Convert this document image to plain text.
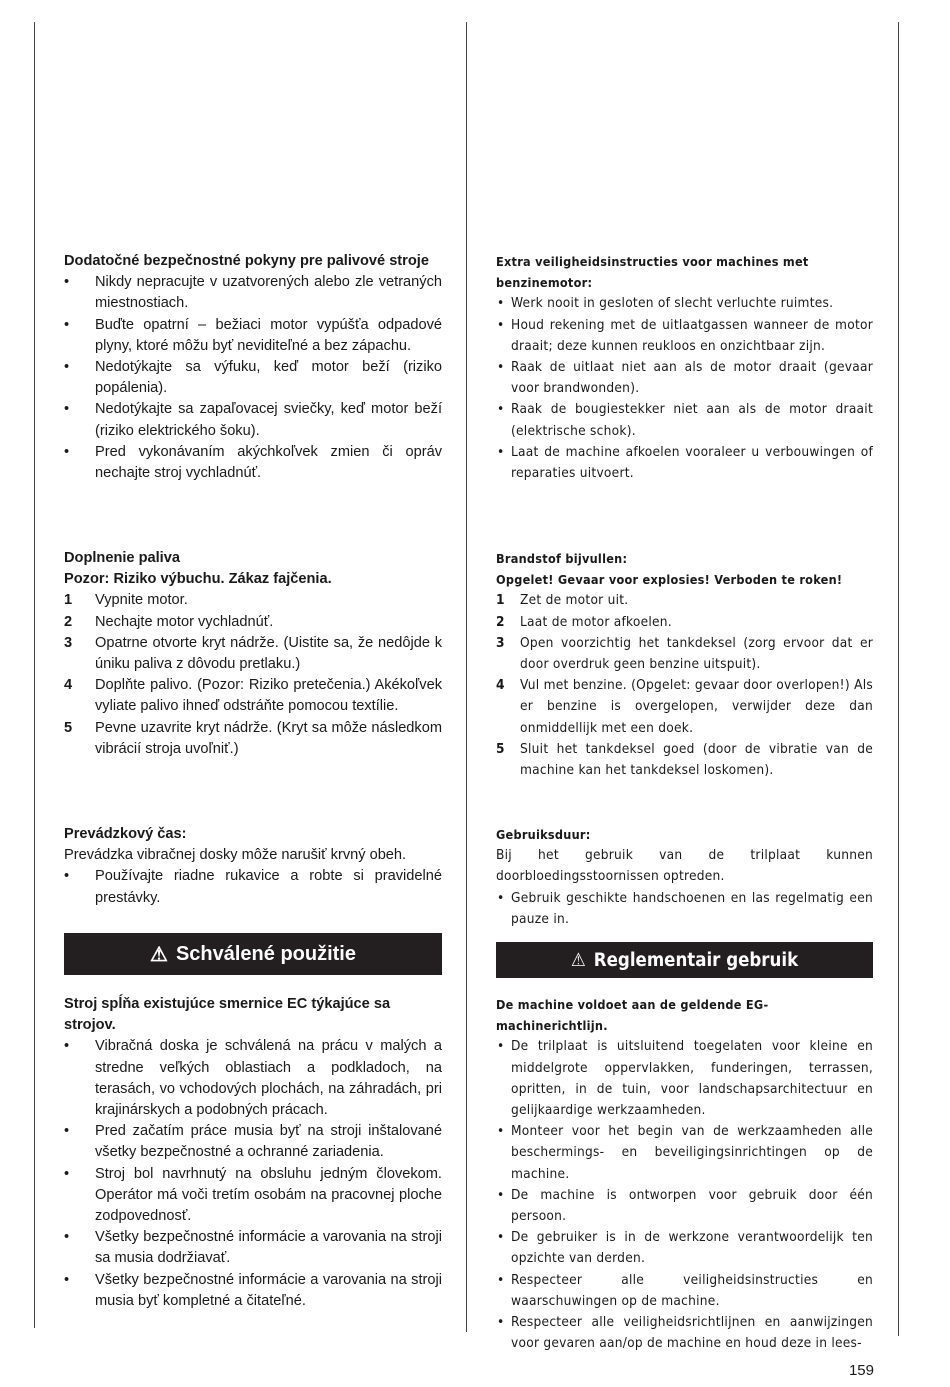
Dodatočné bezpečnostné pokyny pre palivové stroje

• Nikdy nepracujte v uzatvorených alebo zle vetraných miestnostiach.
• Buďte opatrní – bežiaci motor vypúšťa odpadové plyny, ktoré môžu byť neviditeľné a bez zápachu.
• Nedotýkajte sa výfuku, keď motor beží (riziko popálenia).
• Nedotýkajte sa zapaľovacej sviečky, keď motor beží (riziko elektrického šoku).
• Pred vykonávaním akýchkoľvek zmien či opráv nechajte stroj vychladnúť.

Doplnenie paliva

Pozor: Riziko výbuchu. Zákaz fajčenia.

1 Vypnite motor.
2 Nechajte motor vychladnúť.
3 Opatrne otvorte kryt nádrže. (Uistite sa, že nedôjde k úniku paliva z dôvodu pretlaku.)
4 Doplňte palivo. (Pozor: Riziko pretečenia.) Akékoľvek vyliate palivo ihneď odstráňte pomocou textílie.
5 Pevne uzavrite kryt nádrže. (Kryt sa môže následkom vibrácií stroja uvoľniť.)

Prevádzkový čas:

Prevádzka vibračnej dosky môže narušiť krvný obeh.

• Používajte riadne rukavice a robte si pravidelné prestávky.
⚠ Schválené použitie

Stroj spĺňa existujúce smernice EC týkajúce sa strojov.

• Vibračná doska je schválená na prácu v malých a stredne veľkých oblastiach a podkladoch, na terasách, vo vchodových plochách, na záhradách, pri krajinárskych a podobných prácach.
• Pred začatím práce musia byť na stroji inštalované všetky bezpečnostné a ochranné zariadenia.
• Stroj bol navrhnutý na obsluhu jedným človekom. Operátor má voči tretím osobám na pracovnej ploche zodpovednosť.
• Všetky bezpečnostné informácie a varovania na stroji sa musia dodržiavať.
• Všetky bezpečnostné informácie a varovania na stroji musia byť kompletné a čitateľné.

Extra veiligheidsinstructies voor machines met benzinemotor:

• Werk nooit in gesloten of slecht verluchte ruimtes.
• Houd rekening met de uitlaatgassen wanneer de motor draait; deze kunnen reukloos en onzichtbaar zijn.
• Raak de uitlaat niet aan als de motor draait (gevaar voor brandwonden).
• Raak de bougiestekker niet aan als de motor draait (elektrische schok).
• Laat de machine afkoelen vooraleer u verbouwingen of reparaties uitvoert.

Brandstof bijvullen:

Opgelet! Gevaar voor explosies! Verboden te roken!

1 Zet de motor uit.
2 Laat de motor afkoelen.
3 Open voorzichtig het tankdeksel (zorg ervoor dat er door overdruk geen benzine uitspuit).
4 Vul met benzine. (Opgelet: gevaar door overlopen!) Als er benzine is overgelopen, verwijder deze dan onmiddellijk met een doek.
5 Sluit het tankdeksel goed (door de vibratie van de machine kan het tankdeksel loskomen).

Gebruiksduur:

Bij het gebruik van de trilplaat kunnen doorbloedingsstoornissen optreden.

• Gebruik geschikte handschoenen en las regelmatig een pauze in.
⚠ Reglementair gebruik

De machine voldoet aan de geldende EG-machinerichtlijn.

• De trilplaat is uitsluitend toegelaten voor kleine en middelgrote oppervlakken, funderingen, terrassen, opritten, in de tuin, voor landschapsarchitectuur en gelijkaardige werkzaamheden.
• Monteer voor het begin van de werkzaamheden alle beschermings- en beveiligingsinrichtingen op de machine.
• De machine is ontworpen voor gebruik door één persoon.
• De gebruiker is in de werkzone verantwoordelijk ten opzichte van derden.
• Respecteer alle veiligheidsinstructies en waarschuwingen op de machine.
• Respecteer alle veiligheidsrichtlijnen en aanwijzingen voor gevaren aan/op de machine en houd deze in lees-
159
